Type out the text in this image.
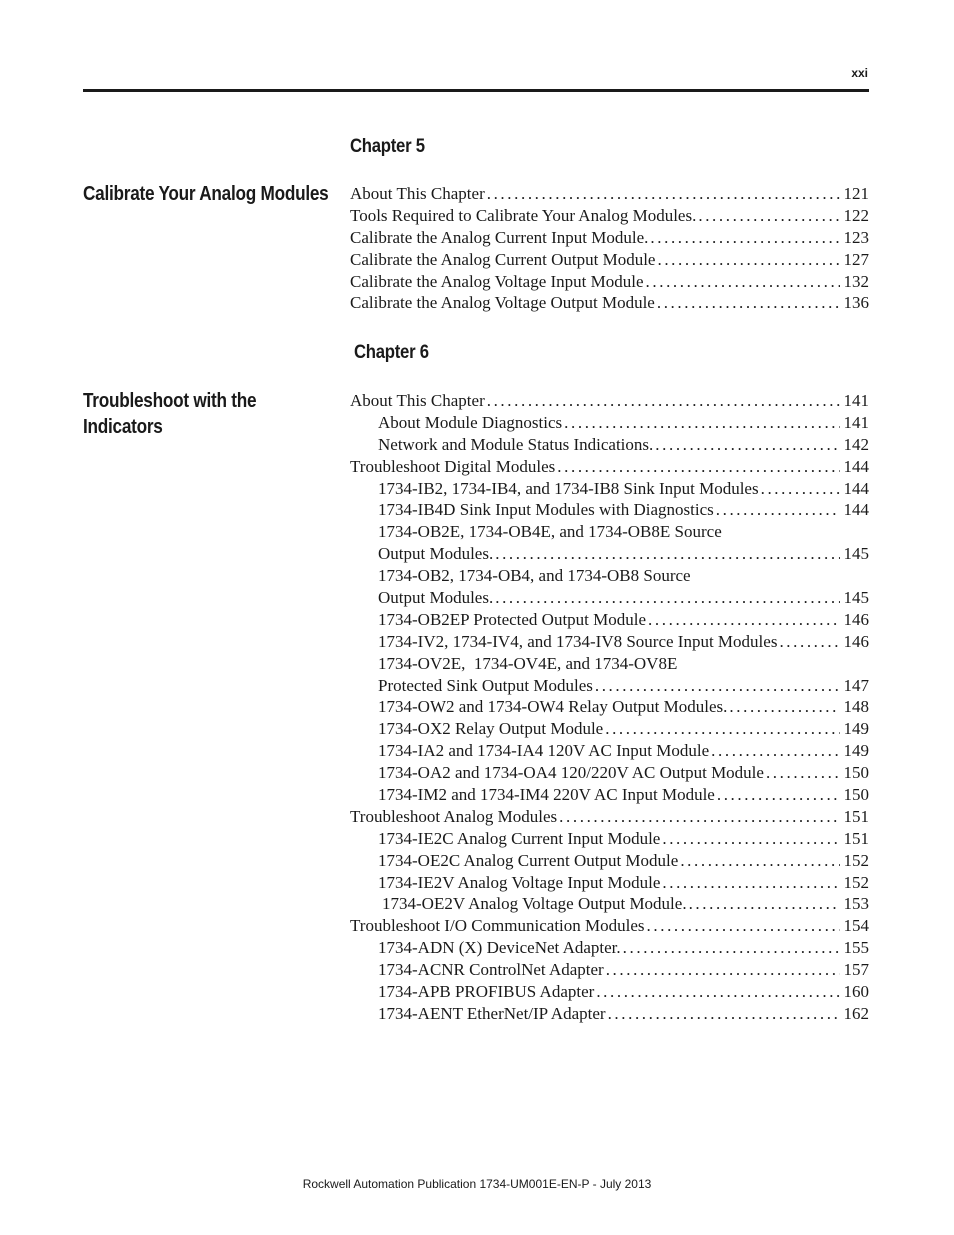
xxi
Chapter 5
Calibrate Your Analog Modules	About This Chapter .....	121
Tools Required to Calibrate Your Analog Modules. .....	122
Calibrate the Analog Current Input Module. .....	123
Calibrate the Analog Current Output Module .....	127
Calibrate the Analog Voltage Input Module .....	132
Calibrate the Analog Voltage Output Module .....	136
Chapter 6
Troubleshoot with the
Indicators
About This Chapter .....	141
About Module Diagnostics .....	141
Network and Module Status Indications. .....	142
Troubleshoot Digital Modules .....	144
1734-IB2, 1734-IB4, and 1734-IB8 Sink Input Modules .....	144
1734-IB4D Sink Input Modules with Diagnostics .....	144
1734-OB2E, 1734-OB4E, and 1734-OB8E Source
Output Modules. .....	145
1734-OB2, 1734-OB4, and 1734-OB8 Source
Output Modules. .....	145
1734-OB2EP Protected Output Module .....	146
1734-IV2, 1734-IV4, and 1734-IV8 Source Input Modules .....	146
1734-OV2E,  1734-OV4E, and 1734-OV8E
Protected Sink Output Modules .....	147
1734-OW2 and 1734-OW4 Relay Output Modules. .....	148
1734-OX2 Relay Output Module .....	149
1734-IA2 and 1734-IA4 120V AC Input Module .....	149
1734-OA2 and 1734-OA4 120/220V AC Output Module .....	150
1734-IM2 and 1734-IM4 220V AC Input Module .....	150
Troubleshoot Analog Modules .....	151
1734-IE2C Analog Current Input Module .....	151
1734-OE2C Analog Current Output Module .....	152
1734-IE2V Analog Voltage Input Module .....	152
1734-OE2V Analog Voltage Output Module. .....	153
Troubleshoot I/O Communication Modules .....	154
1734-ADN (X) DeviceNet Adapter. .....	155
1734-ACNR ControlNet Adapter .....	157
1734-APB PROFIBUS Adapter .....	160
1734-AENT EtherNet/IP Adapter .....	162
Rockwell Automation Publication 1734-UM001E-EN-P - July 2013
